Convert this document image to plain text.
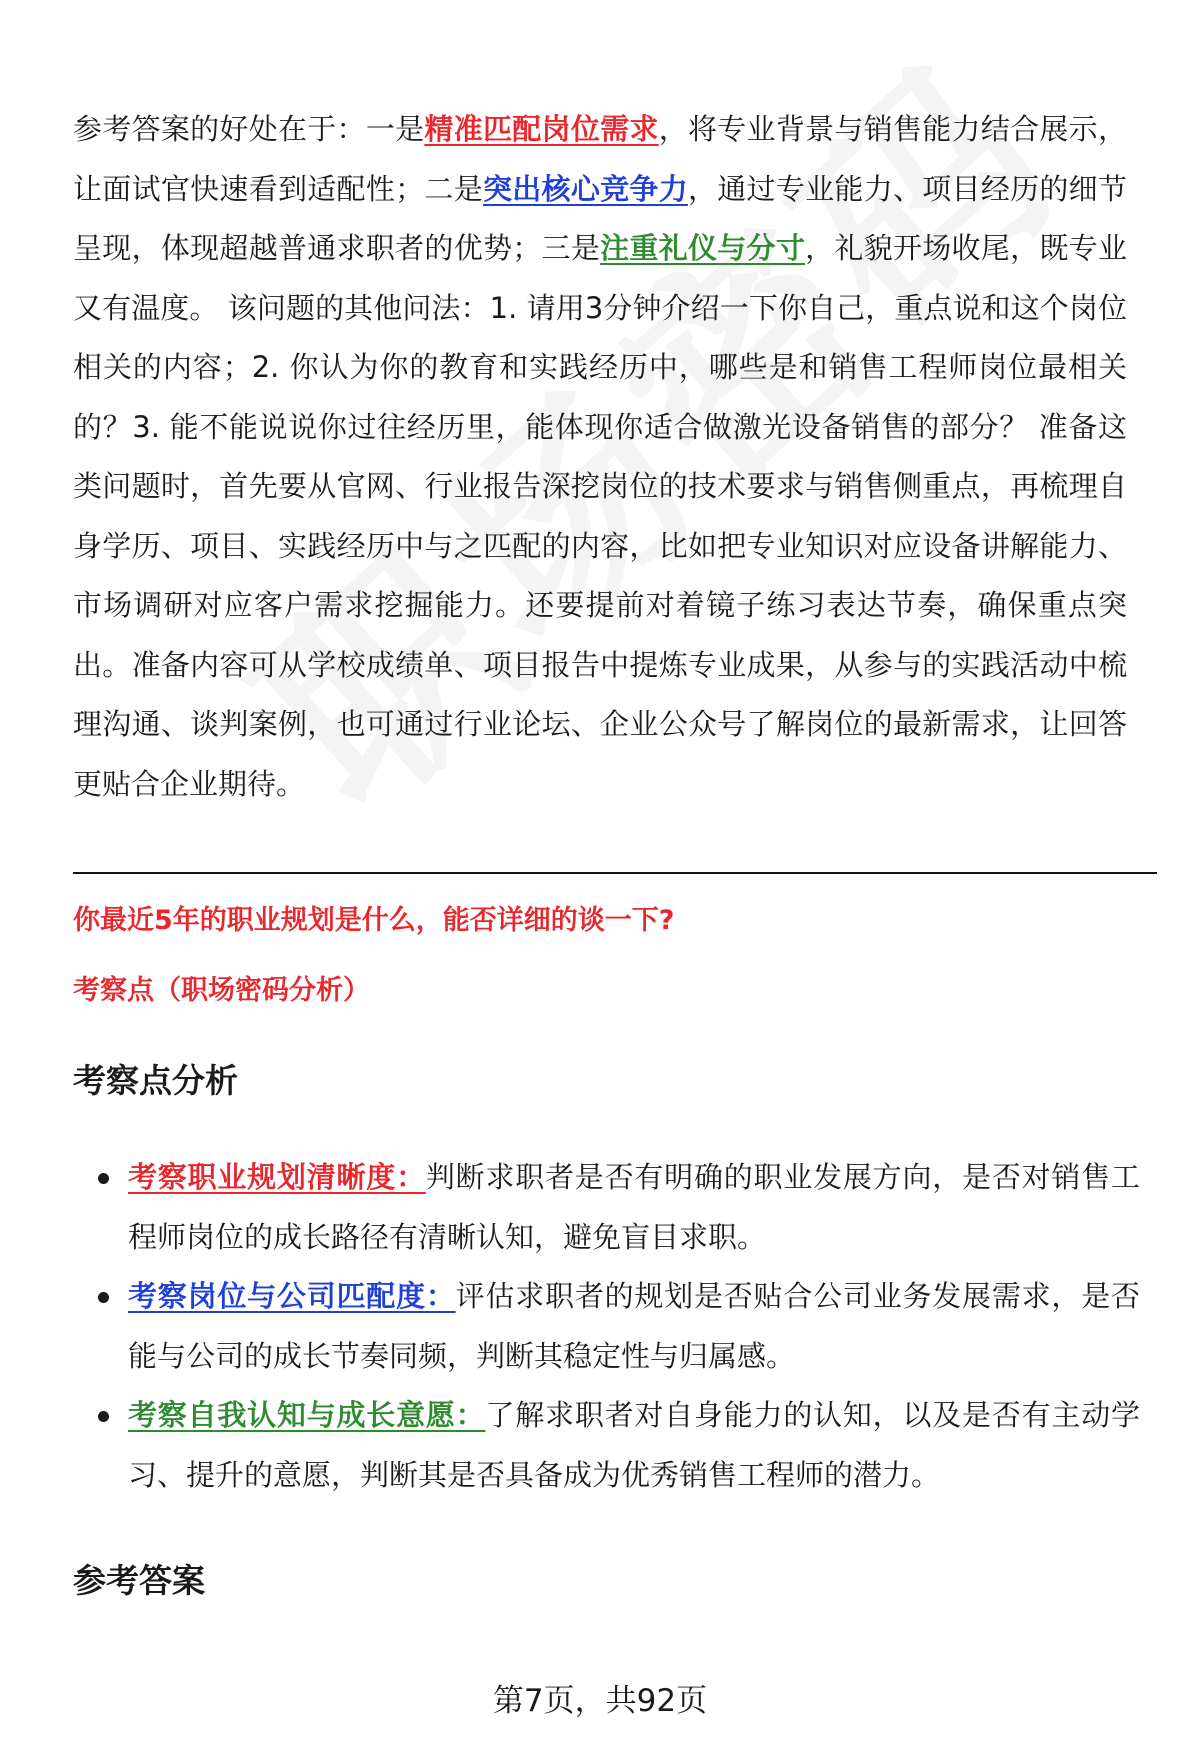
参考答案的好处在于：一是精准匹配岗位需求，将专业背景与销售能力结合展示，让面试官快速看到适配性；二是突出核心竞争力，通过专业能力、项目经历的细节呈现，体现超越普通求职者的优势；三是注重礼仪与分寸，礼貌开场收尾，既专业又有温度。 该问题的其他问法：1. 请用3分钟介绍一下你自己，重点说和这个岗位相关的内容；2. 你认为你的教育和实践经历中，哪些是和销售工程师岗位最相关的？3. 能不能说说你过往经历里，能体现你适合做激光设备销售的部分？ 准备这类问题时，首先要从官网、行业报告深挖岗位的技术要求与销售侧重点，再梳理自身学历、项目、实践经历中与之匹配的内容，比如把专业知识对应设备讲解能力、市场调研对应客户需求挖掘能力。还要提前对着镜子练习表达节奏，确保重点突出。准备内容可从学校成绩单、项目报告中提炼专业成果，从参与的实践活动中梳理沟通、谈判案例，也可通过行业论坛、企业公众号了解岗位的最新需求，让回答更贴合企业期待。

你最近5年的职业规划是什么，能否详细的谈一下?
考察点（职场密码分析）
考察点分析
考察职业规划清晰度：判断求职者是否有明确的职业发展方向，是否对销售工程师岗位的成长路径有清晰认知，避免盲目求职。
考察岗位与公司匹配度：评估求职者的规划是否贴合公司业务发展需求，是否能与公司的成长节奏同频，判断其稳定性与归属感。
考察自我认知与成长意愿：了解求职者对自身能力的认知，以及是否有主动学习、提升的意愿，判断其是否具备成为优秀销售工程师的潜力。
参考答案
第7页，共92页
